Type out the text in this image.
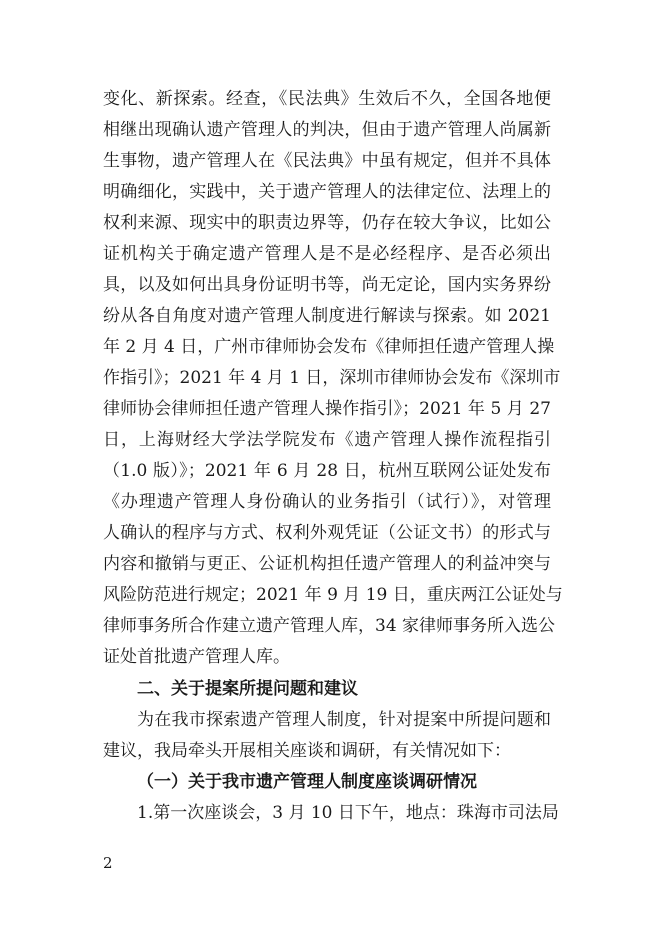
变化、新探索。经查，《民法典》生效后不久，全国各地便
相继出现确认遗产管理人的判决，但由于遗产管理人尚属新
生事物，遗产管理人在《民法典》中虽有规定，但并不具体
明确细化，实践中，关于遗产管理人的法律定位、法理上的
权利来源、现实中的职责边界等，仍存在较大争议，比如公
证机构关于确定遗产管理人是不是必经程序、是否必须出
具，以及如何出具身份证明书等，尚无定论，国内实务界纷
纷从各自角度对遗产管理人制度进行解读与探索。如 2021
年 2 月 4 日，广州市律师协会发布《律师担任遗产管理人操
作指引》；2021 年 4 月 1 日，深圳市律师协会发布《深圳市
律师协会律师担任遗产管理人操作指引》；2021 年 5 月 27
日，上海财经大学法学院发布《遗产管理人操作流程指引
（1.0 版）》；2021 年 6 月 28 日，杭州互联网公证处发布
《办理遗产管理人身份确认的业务指引（试行）》，对管理
人确认的程序与方式、权利外观凭证（公证文书）的形式与
内容和撤销与更正、公证机构担任遗产管理人的利益冲突与
风险防范进行规定；2021 年 9 月 19 日，重庆两江公证处与
律师事务所合作建立遗产管理人库，34 家律师事务所入选公
证处首批遗产管理人库。
二、关于提案所提问题和建议
为在我市探索遗产管理人制度，针对提案中所提问题和
建议，我局牵头开展相关座谈和调研，有关情况如下：
（一）关于我市遗产管理人制度座谈调研情况
1.第一次座谈会，3 月 10 日下午，地点：珠海市司法局
2
